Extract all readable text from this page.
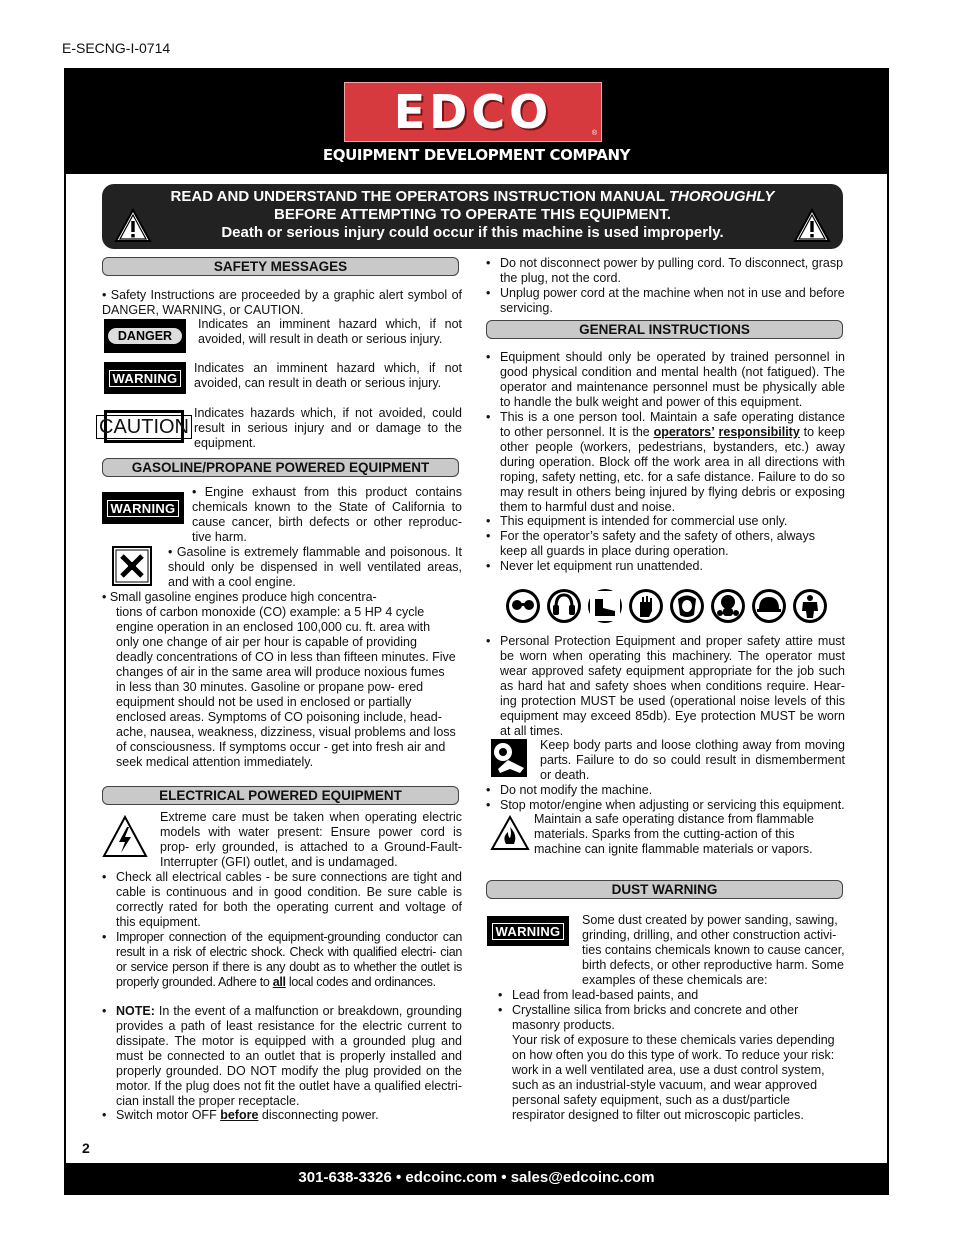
E-SECNG-I-0714
EDCO	®
EQUIPMENT DEVELOPMENT COMPANY
READ AND UNDERSTAND THE OPERATORS INSTRUCTION MANUAL THOROUGHLY
BEFORE ATTEMPTING TO OPERATE THIS EQUIPMENT.
Death or serious injury could occur if this machine is used improperly.
SAFETY MESSAGES
• Safety Instructions are proceeded by a graphic alert symbol of DANGER, WARNING, or CAUTION.
DANGER
Indicates an imminent hazard which, if not avoided, will result in death or serious injury.
WARNING
Indicates an imminent hazard which, if not avoided, can result in death or serious injury.
CAUTION
Indicates hazards which, if not avoided, could result in serious injury and or damage to the equipment.
GASOLINE/PROPANE POWERED EQUIPMENT
WARNING
• Engine exhaust from this product contains chemicals known to the State of California to cause cancer, birth defects or other reproduc- tive harm.
• Gasoline is extremely flammable and poisonous. It should only be dispensed in well ventilated areas, and with a cool engine.
• Small gasoline engines produce high concentra-
tions of carbon monoxide (CO) example: a 5 HP 4 cycle engine operation in an enclosed 100,000 cu. ft. area with only one change of air per hour is capable of providing deadly concentrations of CO in less than fifteen minutes. Five changes of air in the same area will produce noxious fumes in less than 30 minutes. Gasoline or propane pow- ered equipment should not be used in enclosed or partially enclosed areas. Symptoms of CO poisoning include, head- ache, nausea, weakness, dizziness, visual problems and loss of consciousness. If symptoms occur - get into fresh air and seek medical attention immediately.
ELECTRICAL POWERED EQUIPMENT
Extreme care must be taken when operating electric models with water present: Ensure power cord is prop- erly grounded, is attached to a Ground-Fault-Interrupter (GFI) outlet, and is undamaged.
• Check all electrical cables - be sure connections are tight and cable is continuous and in good condition. Be sure cable is correctly rated for both the operating current and voltage of this equipment.
• Improper connection of the equipment-grounding conductor can result in a risk of electric shock. Check with qualified electri- cian or service person if there is any doubt as to whether the outlet is properly grounded. Adhere to all local codes and ordinances.
• NOTE: In the event of a malfunction or breakdown, grounding provides a path of least resistance for the electric current to dissipate. The motor is equipped with a grounded plug and must be connected to an outlet that is properly installed and properly grounded. DO NOT modify the plug provided on the motor. If the plug does not fit the outlet have a qualified electri- cian install the proper receptacle.
• Switch motor OFF before disconnecting power.
• Do not disconnect power by pulling cord. To disconnect, grasp the plug, not the cord.
• Unplug power cord at the machine when not in use and before servicing.
GENERAL INSTRUCTIONS
• Equipment should only be operated by trained personnel in good physical condition and mental health (not fatigued). The operator and maintenance personnel must be physically able to handle the bulk weight and power of this equipment.
• This is a one person tool. Maintain a safe operating distance to other personnel. It is the operators’ responsibility to keep other people (workers, pedestrians, bystanders, etc.) away during operation. Block off the work area in all directions with roping, safety netting, etc. for a safe distance. Failure to do so may result in others being injured by flying debris or exposing them to harmful dust and noise.
• This equipment is intended for commercial use only.
• For the operator’s safety and the safety of others, always keep all guards in place during operation.
• Never let equipment run unattended.
• Personal Protection Equipment and proper safety attire must be worn when operating this machinery. The operator must wear approved safety equipment appropriate for the job such as hard hat and safety shoes when conditions require. Hear- ing protection MUST be used (operational noise levels of this equipment may exceed 85db). Eye protection MUST be worn at all times.
Keep body parts and loose clothing away from moving parts. Failure to do so could result in dismemberment or death.
• Do not modify the machine.
• Stop motor/engine when adjusting or servicing this equipment.
Maintain a safe operating distance from flammable materials. Sparks from the cutting-action of this machine can ignite flammable materials or vapors.
DUST WARNING
WARNING
Some dust created by power sanding, sawing, grinding, drilling, and other construction activi- ties contains chemicals known to cause cancer, birth defects, or other reproductive harm. Some examples of these chemicals are:
• Lead from lead-based paints, and
• Crystalline silica from bricks and concrete and other masonry products.
Your risk of exposure to these chemicals varies depending on how often you do this type of work. To reduce your risk: work in a well ventilated area, use a dust control system, such as an industrial-style vacuum, and wear approved personal safety equipment, such as a dust/particle respirator designed to filter out microscopic particles.
2
301-638-3326 • edcoinc.com • sales@edcoinc.com
